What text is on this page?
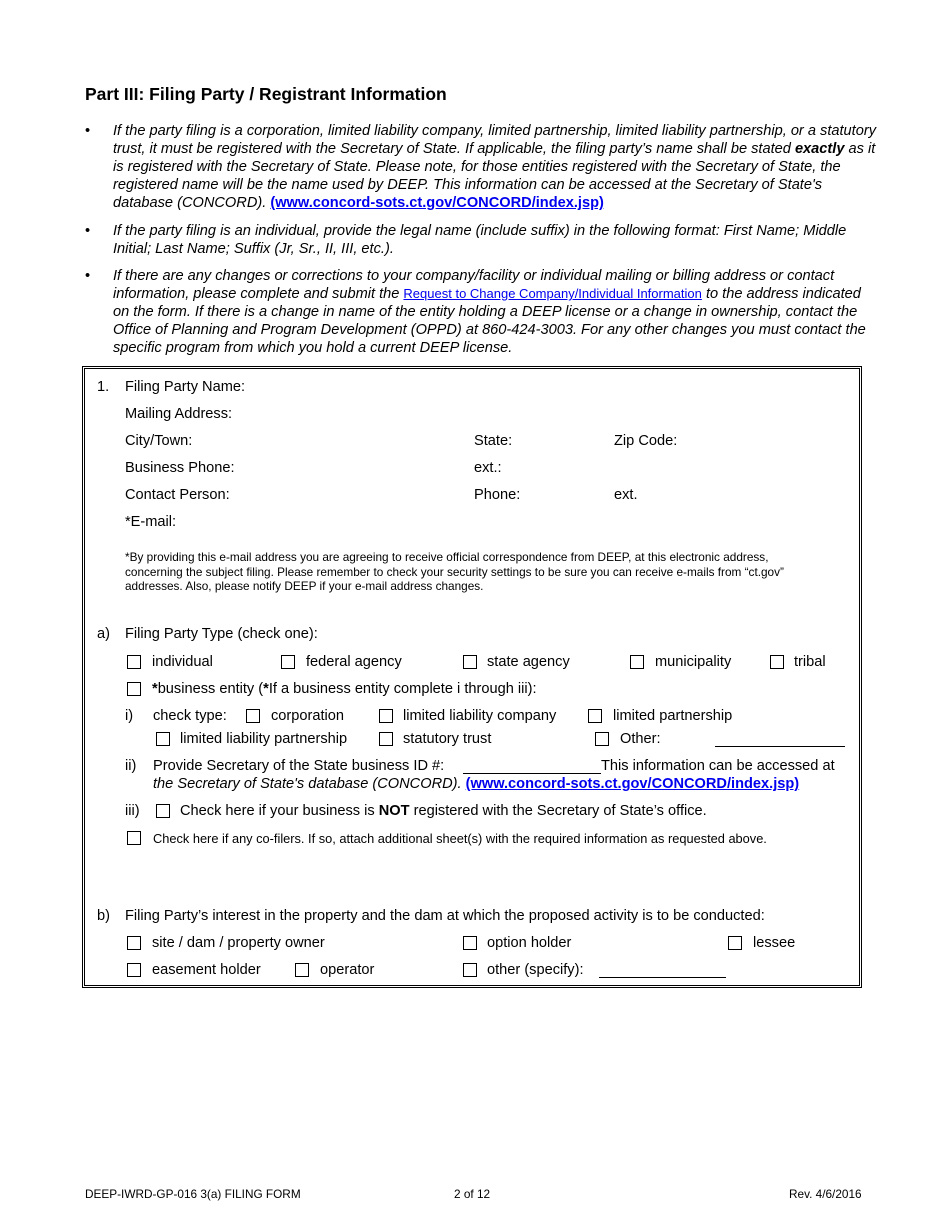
Part III: Filing Party / Registrant Information
• If the party filing is a corporation, limited liability company, limited partnership, limited liability partnership, or a statutory trust, it must be registered with the Secretary of State. If applicable, the filing party’s name shall be stated exactly as it is registered with the Secretary of State. Please note, for those entities registered with the Secretary of State, the registered name will be the name used by DEEP. This information can be accessed at the Secretary of State's database (CONCORD). (www.concord-sots.ct.gov/CONCORD/index.jsp)
• If the party filing is an individual, provide the legal name (include suffix) in the following format: First Name; Middle Initial; Last Name; Suffix (Jr, Sr., II, III, etc.).
• If there are any changes or corrections to your company/facility or individual mailing or billing address or contact information, please complete and submit the Request to Change Company/Individual Information to the address indicated on the form. If there is a change in name of the entity holding a DEEP license or a change in ownership, contact the Office of Planning and Program Development (OPPD) at 860-424-3003. For any other changes you must contact the specific program from which you hold a current DEEP license.
1. Filing Party Name:
Mailing Address:
City/Town:	State:	Zip Code:
Business Phone:	ext.:
Contact Person:	Phone:	ext.
*E-mail:
*By providing this e-mail address you are agreeing to receive official correspondence from DEEP, at this electronic address, concerning the subject filing. Please remember to check your security settings to be sure you can receive e-mails from “ct.gov” addresses. Also, please notify DEEP if your e-mail address changes.
a) Filing Party Type (check one):
individual	federal agency	state agency	municipality	tribal
*business entity (*If a business entity complete i through iii):
i) check type:	corporation	limited liability company	limited partnership
limited liability partnership	statutory trust	Other:
ii) Provide Secretary of the State business ID #:	This information can be accessed at
the Secretary of State's database (CONCORD). (www.concord-sots.ct.gov/CONCORD/index.jsp)
iii)	Check here if your business is NOT registered with the Secretary of State’s office.
Check here if any co-filers. If so, attach additional sheet(s) with the required information as requested above.
b) Filing Party’s interest in the property and the dam at which the proposed activity is to be conducted:
site / dam / property owner	option holder	lessee
easement holder	operator	other (specify):
DEEP-IWRD-GP-016 3(a) FILING FORM	2 of 12	Rev. 4/6/2016
